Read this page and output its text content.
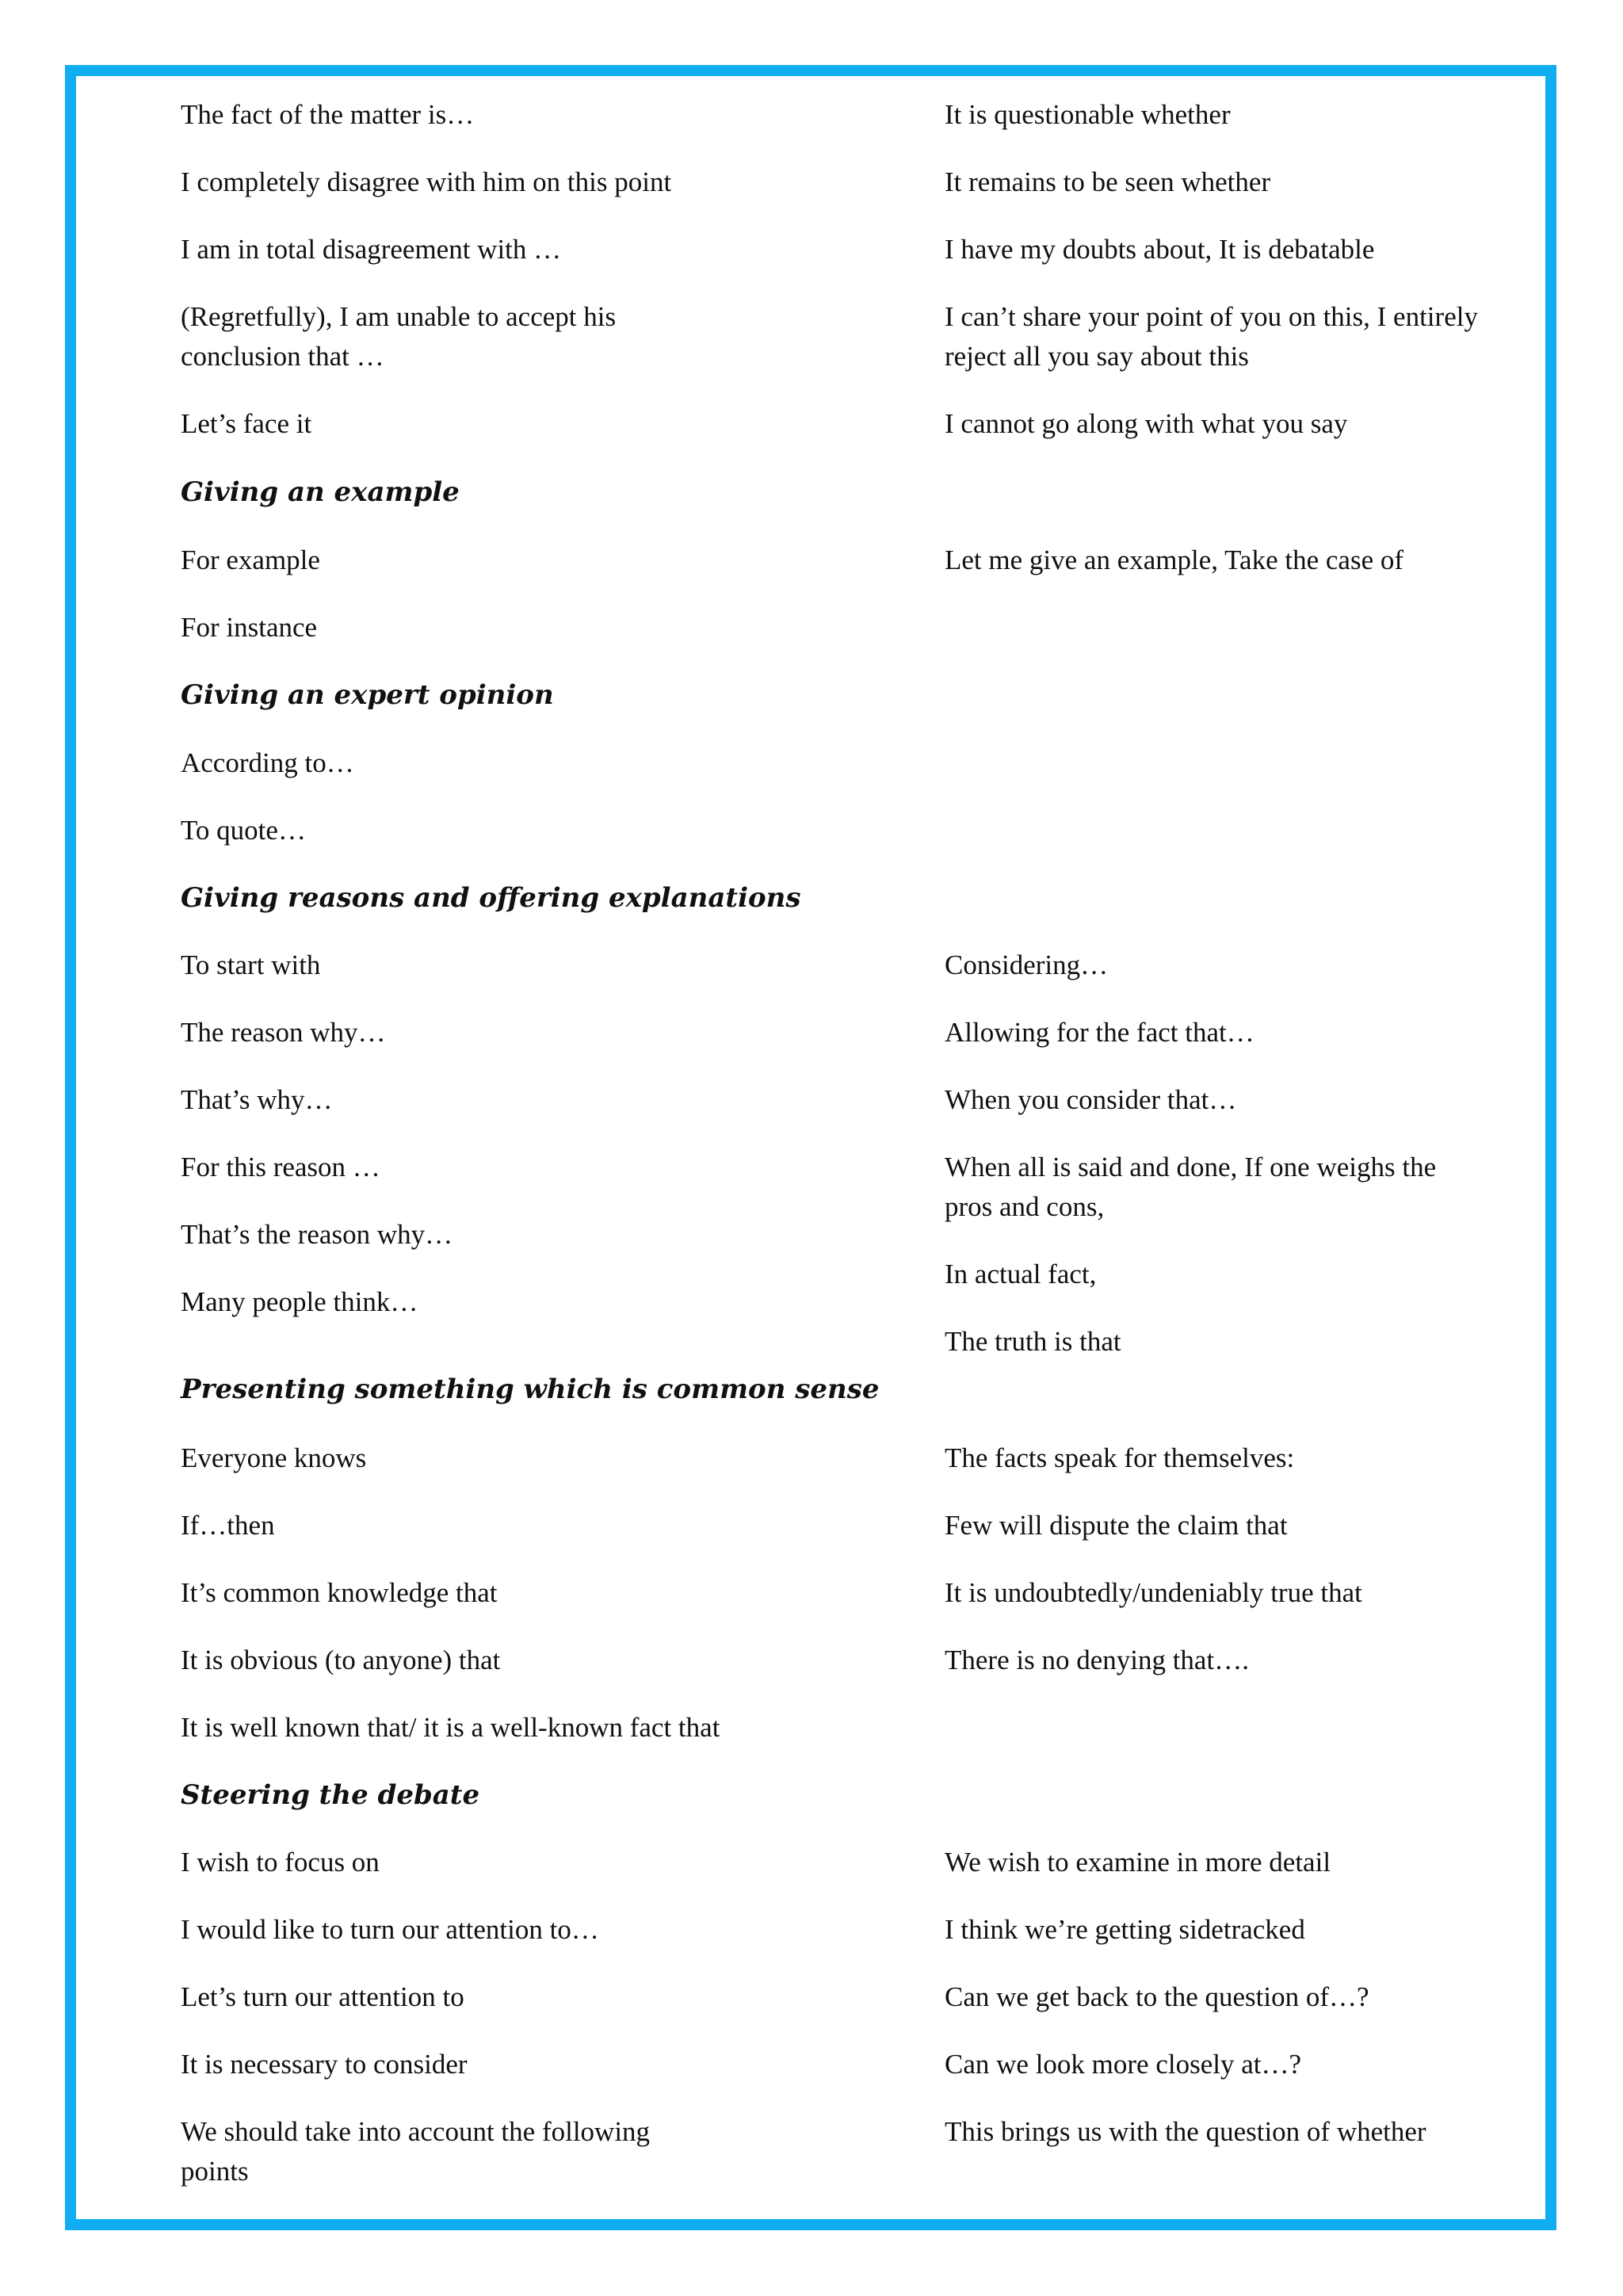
The fact of the matter is…
I completely disagree with him on this point
I am in total disagreement with …
(Regretfully), I am unable to accept his
conclusion that …
Let’s face it
It is questionable whether
It remains to be seen whether
I have my doubts about, It is debatable
I can’t share your point of you on this, I entirely
reject all you say about this
I cannot go along with what you say
Giving an example
For example
For instance
Let me give an example, Take the case of
Giving an expert opinion
According to…
To quote…
Giving reasons and offering explanations
To start with
The reason why…
That’s why…
For this reason …
That’s the reason why…
Many people think…
Considering…
Allowing for the fact that…
When you consider that…
When all is said and done, If one weighs the
pros and cons,
In actual fact,
The truth is that
Presenting something which is common sense
Everyone knows
If…then
It’s common knowledge that
It is obvious (to anyone) that
It is well known that/ it is a well-known fact that
The facts speak for themselves:
Few will dispute the claim that
It is undoubtedly/undeniably true that
There is no denying that….
Steering the debate
I wish to focus on
I would like to turn our attention to…
Let’s turn our attention to
It is necessary to consider
We should take into account the following
points
We wish to examine in more detail
I think we’re getting sidetracked
Can we get back to the question of…?
Can we look more closely at…?
This brings us with the question of whether
